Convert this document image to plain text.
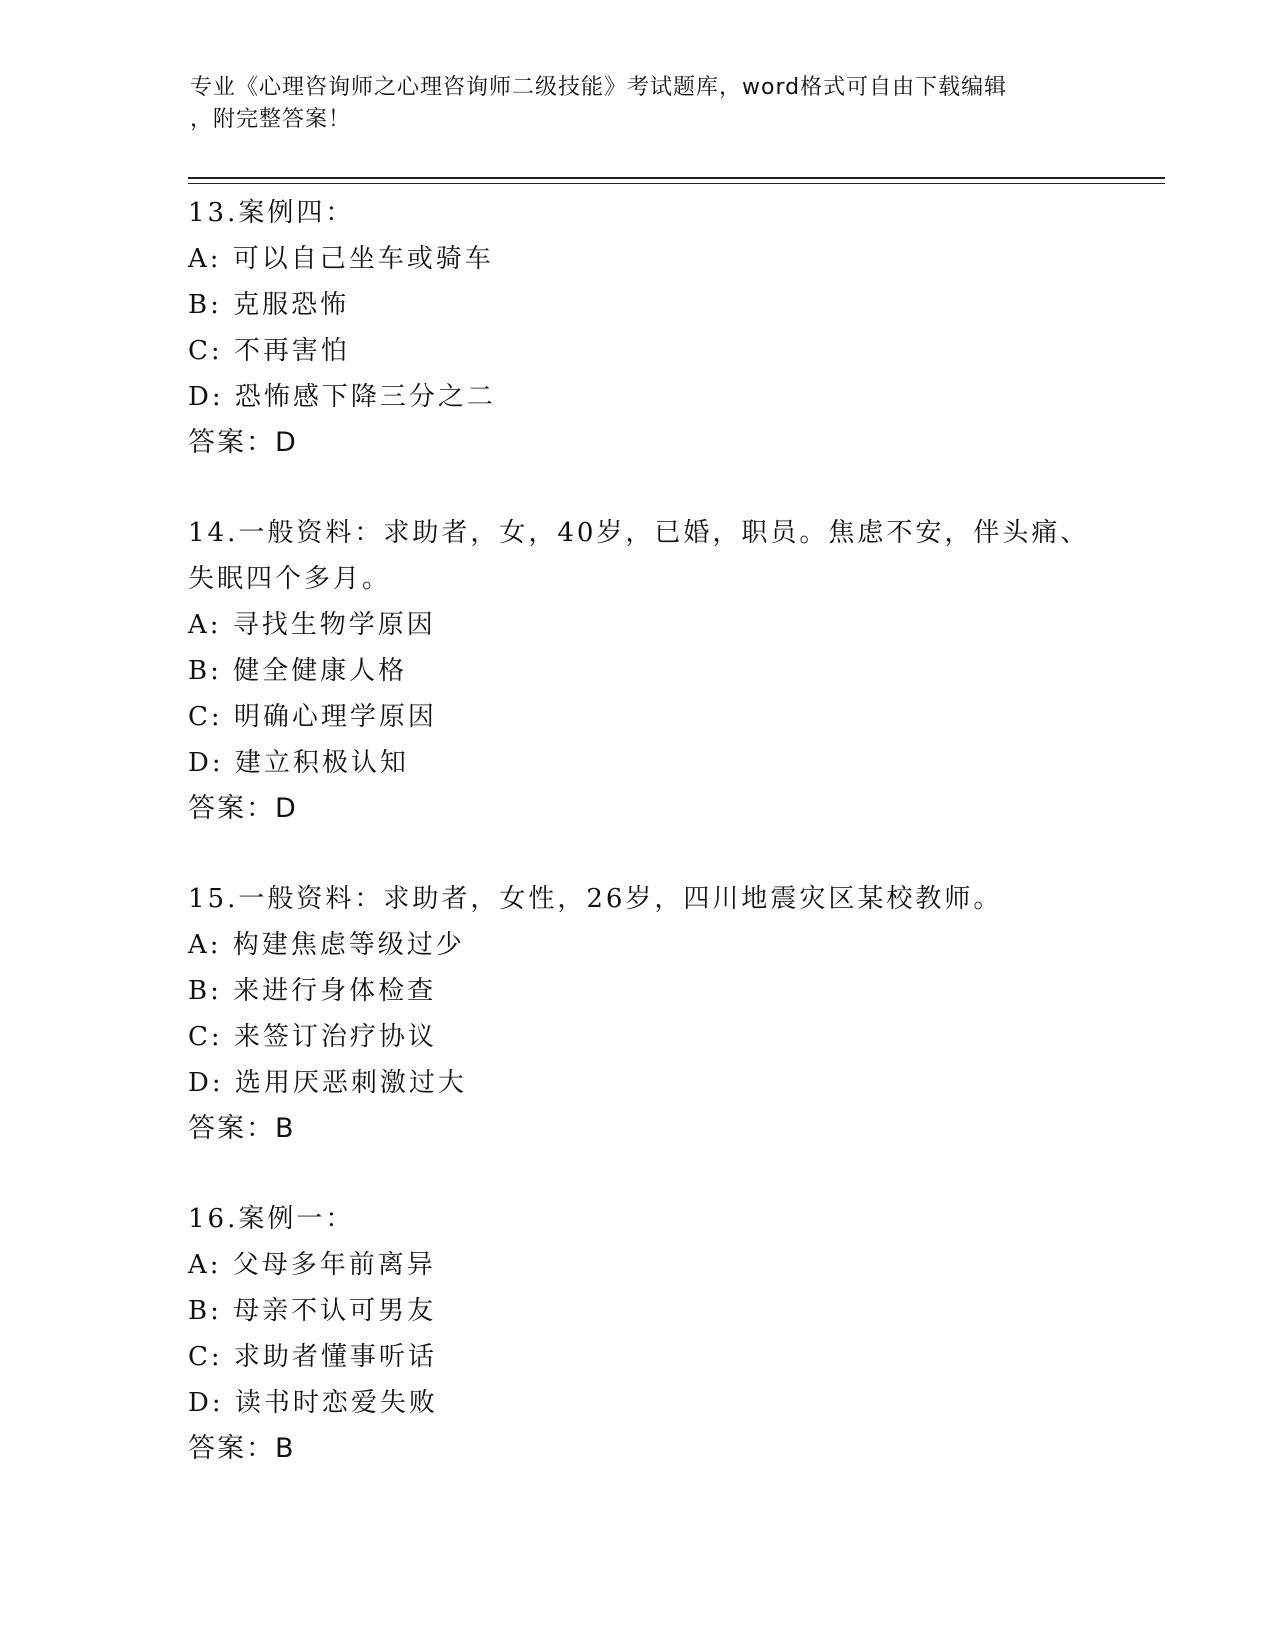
专业《心理咨询师之心理咨询师二级技能》考试题库，word格式可自由下载编辑
，附完整答案！
13.案例四：
A: 可以自己坐车或骑车
B: 克服恐怖
C: 不再害怕
D: 恐怖感下降三分之二
答案：D
14.一般资料：求助者，女，40岁，已婚，职员。焦虑不安，伴头痛、
失眠四个多月。
A: 寻找生物学原因
B: 健全健康人格
C: 明确心理学原因
D: 建立积极认知
答案：D
15.一般资料：求助者，女性，26岁，四川地震灾区某校教师。
A: 构建焦虑等级过少
B: 来进行身体检查
C: 来签订治疗协议
D: 选用厌恶刺激过大
答案：B
16.案例一：
A: 父母多年前离异
B: 母亲不认可男友
C: 求助者懂事听话
D: 读书时恋爱失败
答案：B
